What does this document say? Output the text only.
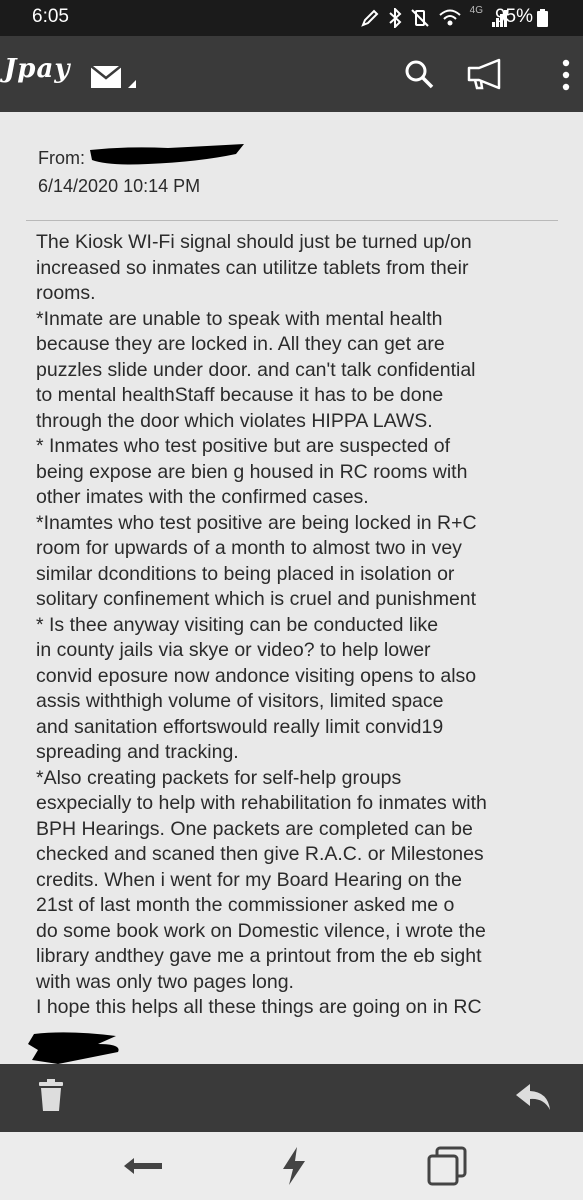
6:05	4G 95%
Jpay
From:
6/14/2020 10:14 PM
The Kiosk WI-Fi signal should just be turned up/on
increased so inmates can utilitze tablets from their
rooms.
*Inmate are unable to speak with mental health
because they are locked in. All they can get are
puzzles slide under door. and can't talk confidential
to mental healthStaff because it has to be done
through the door which violates HIPPA LAWS.
* Inmates who test positive but are suspected of
being expose are bien g housed in RC rooms with
other imates with the confirmed cases.
*Inamtes who test positive are being locked in R+C
room for upwards of a month to almost two in vey
similar dconditions to being placed in isolation or
solitary confinement which is cruel and punishment
* Is thee anyway visiting can be conducted like
in county jails via skye or video? to help lower
convid eposure now andonce visiting opens to also
assis withthigh volume of visitors, limited space
and sanitation effortswould really limit convid19
spreading and tracking.
*Also creating packets for self-help groups
esxpecially to help with rehabilitation fo inmates with
BPH Hearings. One packets are completed can be
checked and scaned then give R.A.C. or Milestones
credits. When i went for my Board Hearing on the
21st of last month the commissioner asked me o
do some book work on Domestic vilence, i wrote the
library andthey gave me a printout from the eb sight
with was only two pages long.
I hope this helps all these things are going on in RC
